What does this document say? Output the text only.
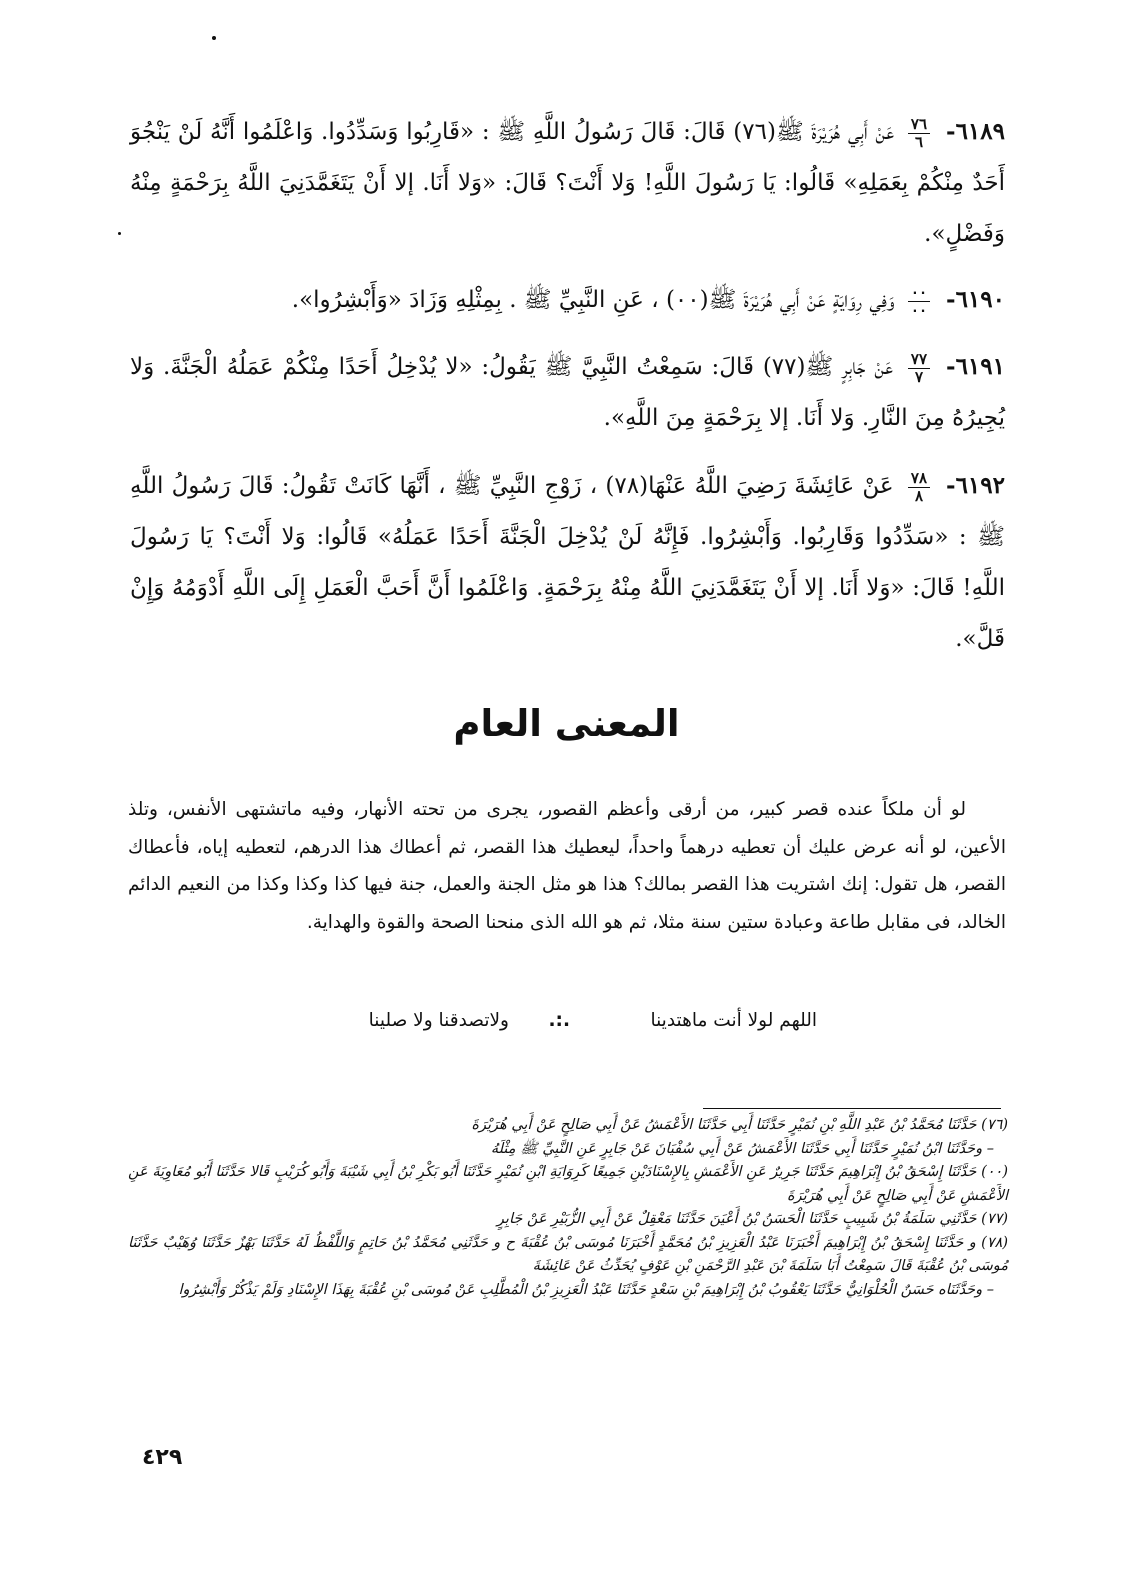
٦١٨٩-
$\frac{٧٦}{٦}$
عَنْ أَبِي هُرَيْرَةَ ﷺ(٧٦) قَالَ: قَالَ رَسُولُ اللَّهِ ﷺ : «قَارِبُوا وَسَدِّدُوا. وَاعْلَمُوا أَنَّهُ لَنْ يَنْجُوَ أَحَدٌ مِنْكُمْ بِعَمَلِهِ» قَالُوا: يَا رَسُولَ اللَّهِ! وَلا أَنْتَ؟ قَالَ: «وَلا أَنَا. إلا أَنْ يَتَغَمَّدَنِيَ اللَّهُ بِرَحْمَةٍ مِنْهُ وَفَضْلٍ».
٦١٩٠-
$\frac{٠٠}{٠٠}$
وَفِي رِوَايَةٍ عَنْ أَبِي هُرَيْرَةَ ﷺ(٠٠) ، عَنِ النَّبِيِّ ﷺ . بِمِثْلِهِ وَزَادَ «وَأَبْشِرُوا».
٦١٩١-
$\frac{٧٧}{٧}$
عَنْ جَابِرٍ ﷺ(٧٧) قَالَ: سَمِعْتُ النَّبِيَّ ﷺ يَقُولُ: «لا يُدْخِلُ أَحَدًا مِنْكُمْ عَمَلُهُ الْجَنَّةَ. وَلا يُجِيرُهُ مِنَ النَّارِ. وَلا أَنَا. إلا بِرَحْمَةٍ مِنَ اللَّهِ».
٦١٩٢-
$\frac{٧٨}{٨}$
عَنْ عَائِشَةَ رَضِيَ اللَّهُ عَنْهَا(٧٨) ، زَوْجِ النَّبِيِّ ﷺ ، أَنَّهَا كَانَتْ تَقُولُ: قَالَ رَسُولُ اللَّهِ ﷺ : «سَدِّدُوا وَقَارِبُوا. وَأَبْشِرُوا. فَإِنَّهُ لَنْ يُدْخِلَ الْجَنَّةَ أَحَدًا عَمَلُهُ» قَالُوا: وَلا أَنْتَ؟ يَا رَسُولَ اللَّهِ! قَالَ: «وَلا أَنَا. إلا أَنْ يَتَغَمَّدَنِيَ اللَّهُ مِنْهُ بِرَحْمَةٍ. وَاعْلَمُوا أَنَّ أَحَبَّ الْعَمَلِ إِلَى اللَّهِ أَدْوَمُهُ وَإِنْ قَلَّ».
المعنى العام

لو أن ملكاً عنده قصر كبير، من أرقى وأعظم القصور، يجرى من تحته الأنهار، وفيه ماتشتهى الأنفس، وتلذ الأعين، لو أنه عرض عليك أن تعطيه درهماً واحداً، ليعطيك هذا القصر، ثم أعطاك هذا الدرهم، لتعطيه إياه، فأعطاك القصر، هل تقول: إنك اشتريت هذا القصر بمالك؟ هذا هو مثل الجنة والعمل، جنة فيها كذا وكذا وكذا من النعيم الدائم الخالد، فى مقابل طاعة وعبادة ستين سنة مثلا، ثم هو الله الذى منحنا الصحة والقوة والهداية.

اللهم لولا أنت ماهتدينا
.:.
ولاتصدقنا ولا صلينا

(٧٦) حَدَّثَنَا مُحَمَّدُ بْنُ عَبْدِ اللَّهِ بْنِ نُمَيْرٍ حَدَّثَنَا أَبِي حَدَّثَنَا الأَعْمَشُ عَنْ أَبِي صَالِحٍ عَنْ أَبِي هُرَيْرَةَ

– وحَدَّثَنَا ابْنُ نُمَيْرٍ حَدَّثَنَا أَبِي حَدَّثَنَا الأَعْمَشُ عَنْ أَبِي سُفْيَانَ عَنْ جَابِرٍ عَنِ النَّبِيِّ ﷺ مِثْلَهُ

(٠٠) حَدَّثَنَا إِسْحَقُ بْنُ إِبْرَاهِيمَ حَدَّثَنَا جَرِيرٌ عَنِ الأَعْمَشِ بِالإِسْنَادَيْنِ جَمِيعًا كَرِوَايَةِ ابْنِ نُمَيْرٍ حَدَّثَنَا أَبُو بَكْرِ بْنُ أَبِي شَيْبَةَ وَأَبُو كُرَيْبٍ قَالا حَدَّثَنَا أَبُو مُعَاوِيَةَ عَنِ الأَعْمَشِ عَنْ أَبِي صَالِحٍ عَنْ أَبِي هُرَيْرَةَ

(٧٧) حَدَّثَنِي سَلَمَةُ بْنُ شَبِيبٍ حَدَّثَنَا الْحَسَنُ بْنُ أَعْيَنَ حَدَّثَنَا مَعْقِلٌ عَنْ أَبِي الزُّبَيْرِ عَنْ جَابِرٍ

(٧٨) و حَدَّثَنَا إِسْحَقُ بْنُ إِبْرَاهِيمَ أَخْبَرَنَا عَبْدُ الْعَزِيزِ بْنُ مُحَمَّدٍ أَخْبَرَنَا مُوسَى بْنُ عُقْبَةَ ح و حَدَّثَنِي مُحَمَّدُ بْنُ حَاتِمٍ وَاللَّفْظُ لَهُ حَدَّثَنَا بَهْزٌ حَدَّثَنَا وُهَيْبٌ حَدَّثَنَا مُوسَى بْنُ عُقْبَةَ قَالَ سَمِعْتُ أَبَا سَلَمَةَ بْنَ عَبْدِ الرَّحْمَنِ بْنِ عَوْفٍ يُحَدِّثُ عَنْ عَائِشَةَ

– وحَدَّثَنَاه حَسَنٌ الْحُلْوَانِيُّ حَدَّثَنَا يَعْقُوبُ بْنُ إِبْرَاهِيمَ بْنِ سَعْدٍ حَدَّثَنَا عَبْدُ الْعَزِيزِ بْنُ الْمُطَّلِبِ عَنْ مُوسَى بْنِ عُقْبَةَ بِهَذَا الإِسْنَادِ وَلَمْ يَذْكُرْ وَأَبْشِرُوا

٤٢٩
